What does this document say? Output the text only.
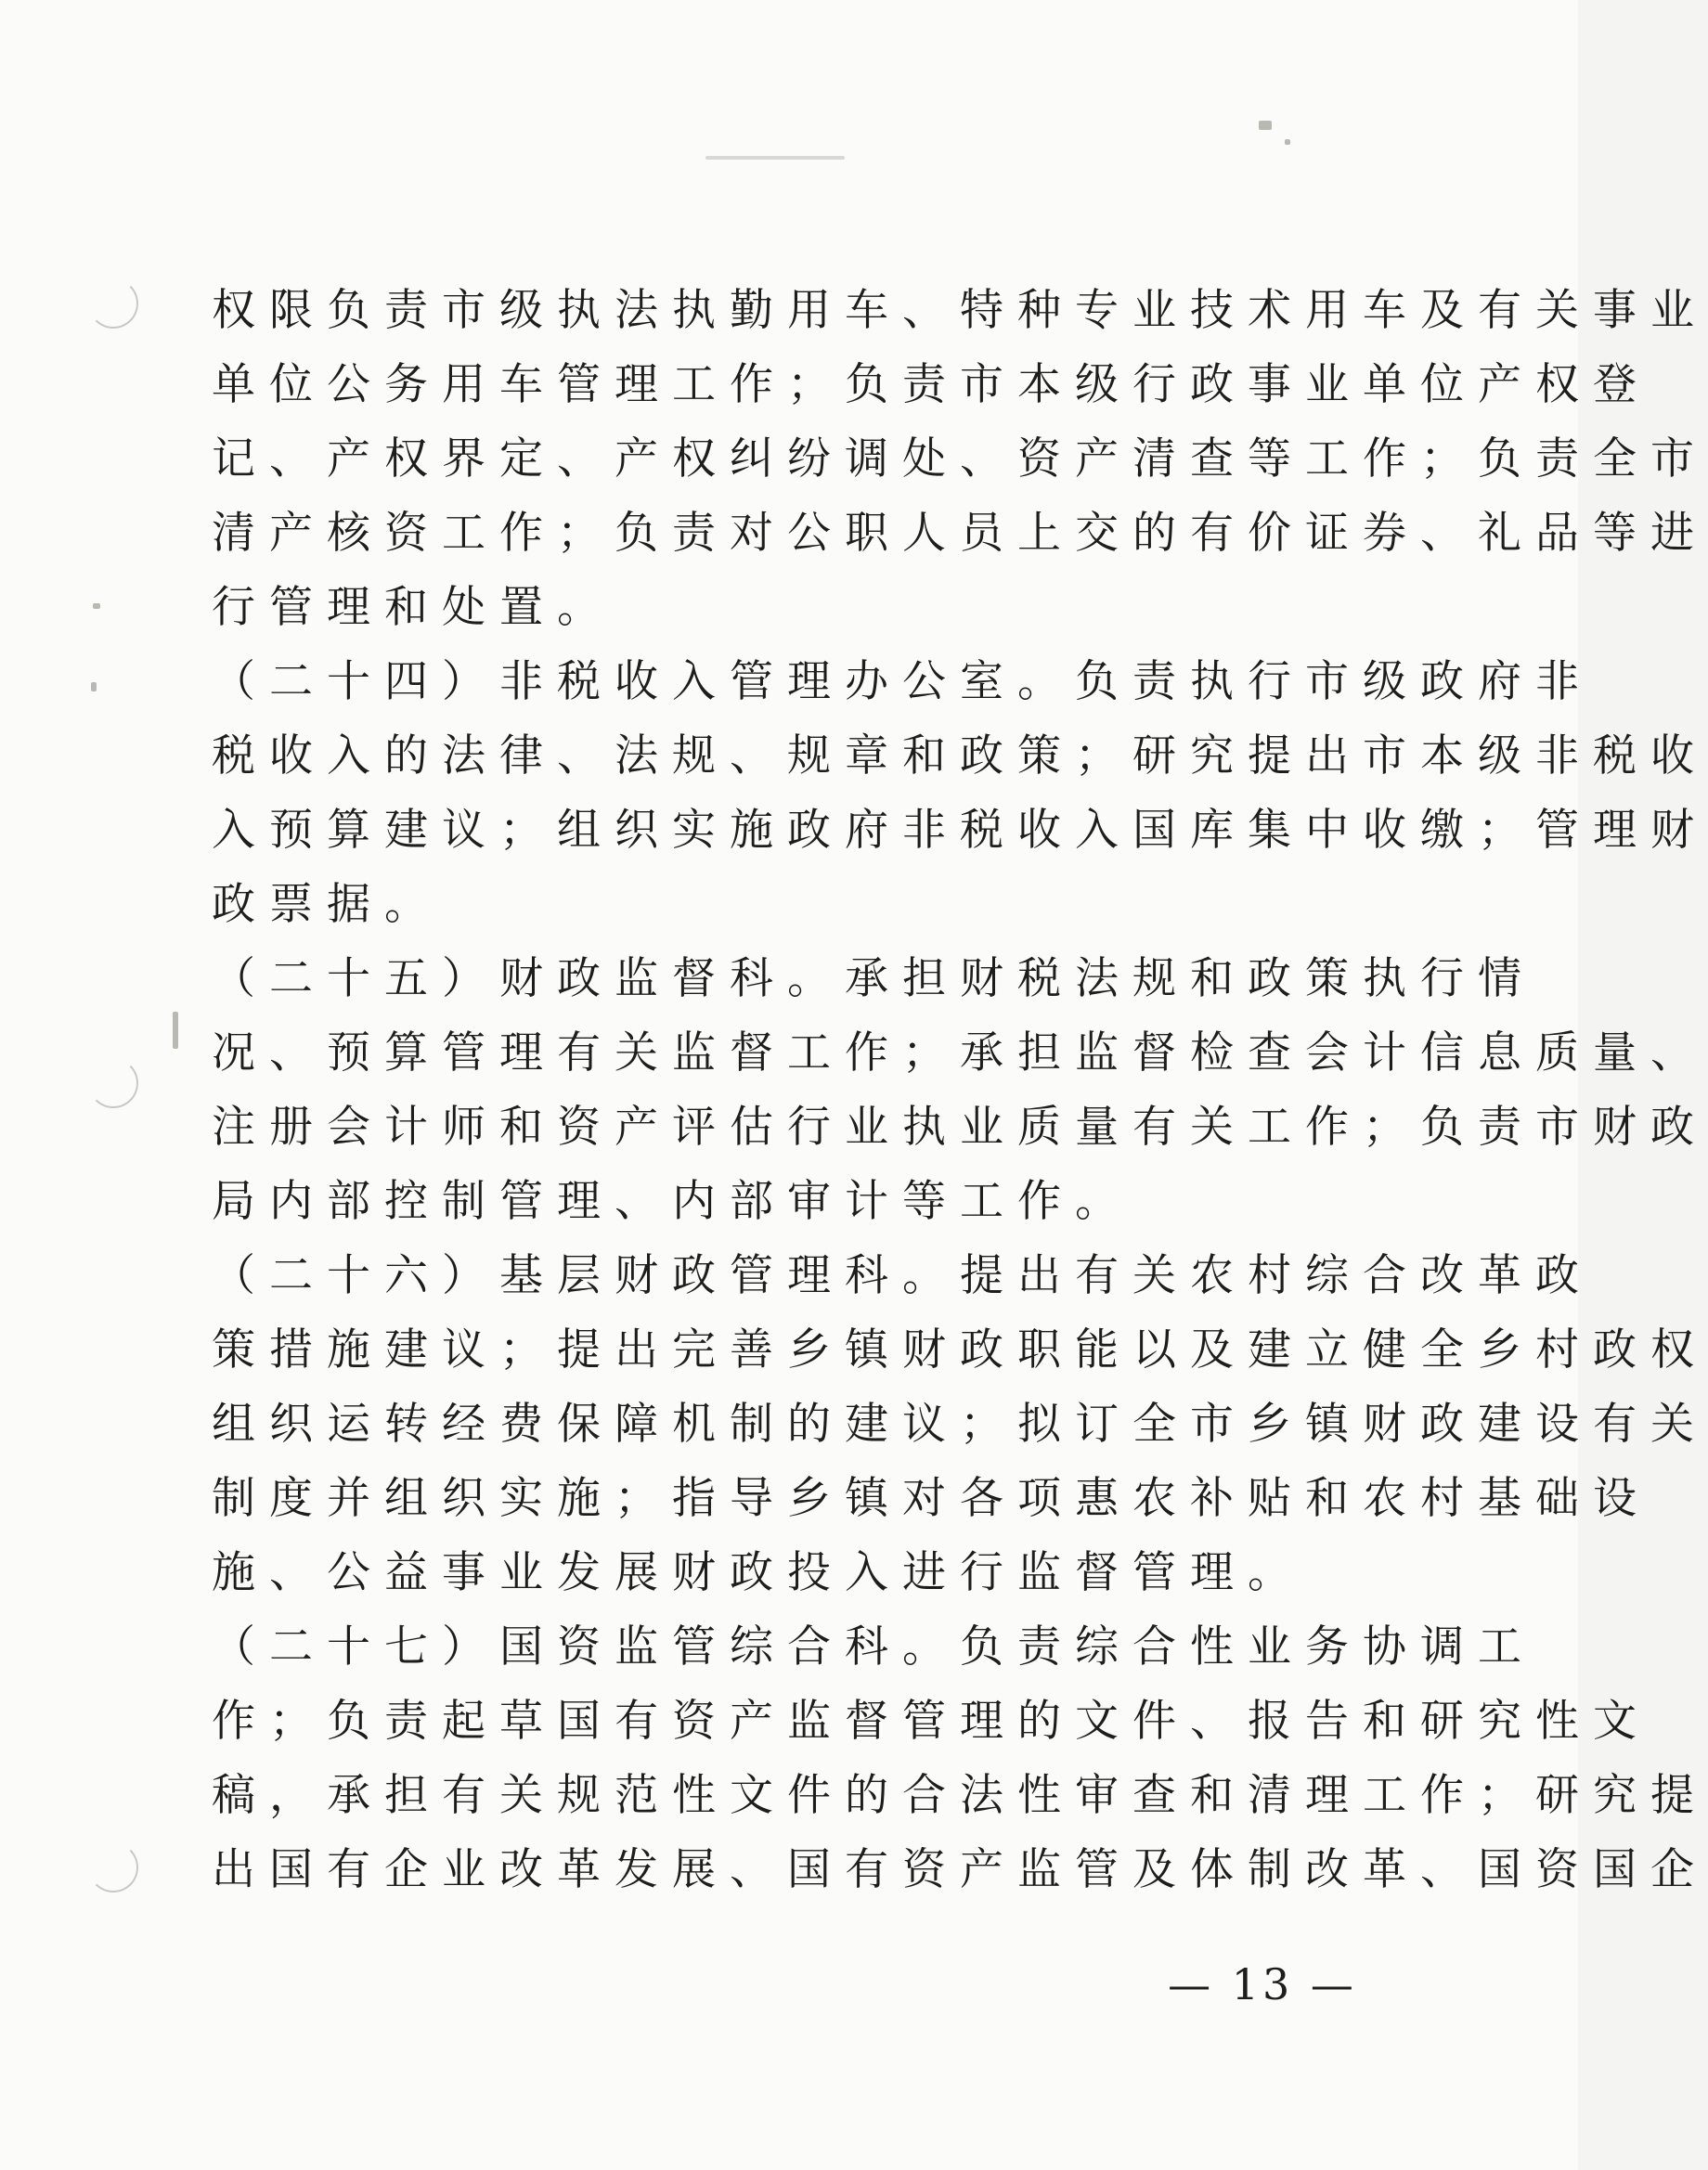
权限负责市级执法执勤用车、特种专业技术用车及有关事业
单位公务用车管理工作；负责市本级行政事业单位产权登
记、产权界定、产权纠纷调处、资产清查等工作；负责全市
清产核资工作；负责对公职人员上交的有价证券、礼品等进
行管理和处置。
（二十四）非税收入管理办公室。负责执行市级政府非
税收入的法律、法规、规章和政策；研究提出市本级非税收
入预算建议；组织实施政府非税收入国库集中收缴；管理财
政票据。
（二十五）财政监督科。承担财税法规和政策执行情
况、预算管理有关监督工作；承担监督检查会计信息质量、
注册会计师和资产评估行业执业质量有关工作；负责市财政
局内部控制管理、内部审计等工作。
（二十六）基层财政管理科。提出有关农村综合改革政
策措施建议；提出完善乡镇财政职能以及建立健全乡村政权
组织运转经费保障机制的建议；拟订全市乡镇财政建设有关
制度并组织实施；指导乡镇对各项惠农补贴和农村基础设
施、公益事业发展财政投入进行监督管理。
（二十七）国资监管综合科。负责综合性业务协调工
作；负责起草国有资产监督管理的文件、报告和研究性文
稿，承担有关规范性文件的合法性审查和清理工作；研究提
出国有企业改革发展、国有资产监管及体制改革、国资国企
— 13 —
